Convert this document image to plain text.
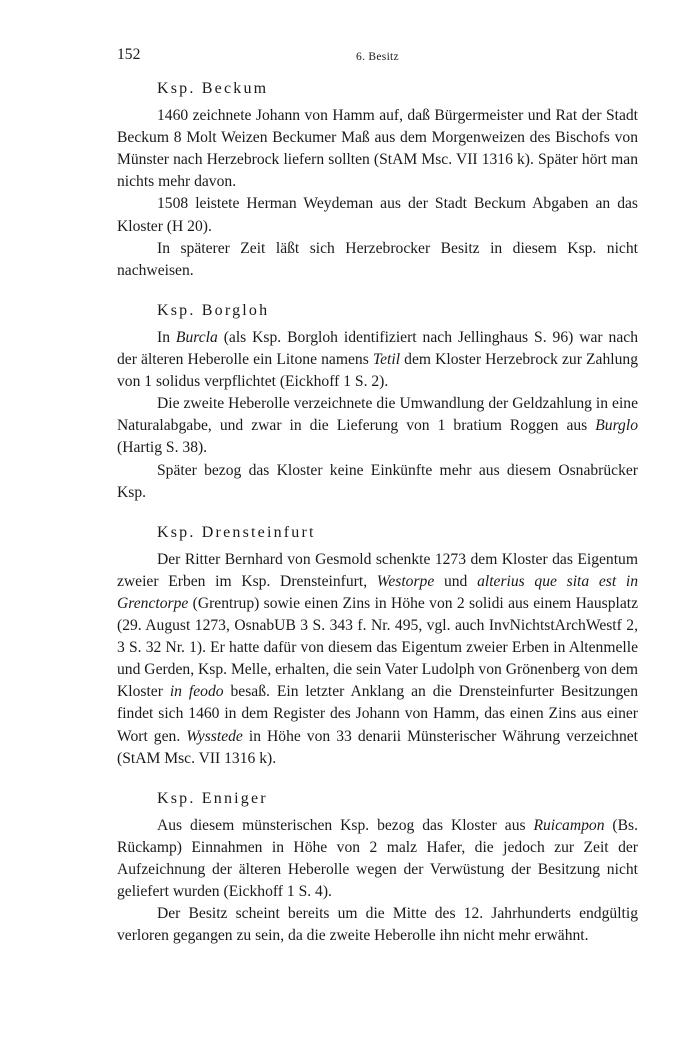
152	6. Besitz
Ksp. Beckum

1460 zeichnete Johann von Hamm auf, daß Bürgermeister und Rat der Stadt Beckum 8 Molt Weizen Beckumer Maß aus dem Morgenweizen des Bischofs von Münster nach Herzebrock liefern sollten (StAM Msc. VII 1316 k). Später hört man nichts mehr davon.

1508 leistete Herman Weydeman aus der Stadt Beckum Abgaben an das Kloster (H 20).

In späterer Zeit läßt sich Herzebrocker Besitz in diesem Ksp. nicht nachweisen.

Ksp. Borgloh

In Burcla (als Ksp. Borgloh identifiziert nach Jellinghaus S. 96) war nach der älteren Heberolle ein Litone namens Tetil dem Kloster Herzebrock zur Zahlung von 1 solidus verpflichtet (Eickhoff 1 S. 2).

Die zweite Heberolle verzeichnete die Umwandlung der Geldzahlung in eine Naturalabgabe, und zwar in die Lieferung von 1 bratium Roggen aus Burglo (Hartig S. 38).

Später bezog das Kloster keine Einkünfte mehr aus diesem Osnabrücker Ksp.

Ksp. Drensteinfurt

Der Ritter Bernhard von Gesmold schenkte 1273 dem Kloster das Eigentum zweier Erben im Ksp. Drensteinfurt, Westorpe und alterius que sita est in Grenctorpe (Grentrup) sowie einen Zins in Höhe von 2 solidi aus einem Hausplatz (29. August 1273, OsnabUB 3 S. 343 f. Nr. 495, vgl. auch InvNichtstArchWestf 2, 3 S. 32 Nr. 1). Er hatte dafür von diesem das Eigentum zweier Erben in Altenmelle und Gerden, Ksp. Melle, erhalten, die sein Vater Ludolph von Grönenberg von dem Kloster in feodo besaß. Ein letzter Anklang an die Drensteinfurter Besitzungen findet sich 1460 in dem Register des Johann von Hamm, das einen Zins aus einer Wort gen. Wysstede in Höhe von 33 denarii Münsterischer Währung verzeichnet (StAM Msc. VII 1316 k).

Ksp. Enniger

Aus diesem münsterischen Ksp. bezog das Kloster aus Ruicampon (Bs. Rückamp) Einnahmen in Höhe von 2 malz Hafer, die jedoch zur Zeit der Aufzeichnung der älteren Heberolle wegen der Verwüstung der Besitzung nicht geliefert wurden (Eickhoff 1 S. 4).

Der Besitz scheint bereits um die Mitte des 12. Jahrhunderts endgültig verloren gegangen zu sein, da die zweite Heberolle ihn nicht mehr erwähnt.
